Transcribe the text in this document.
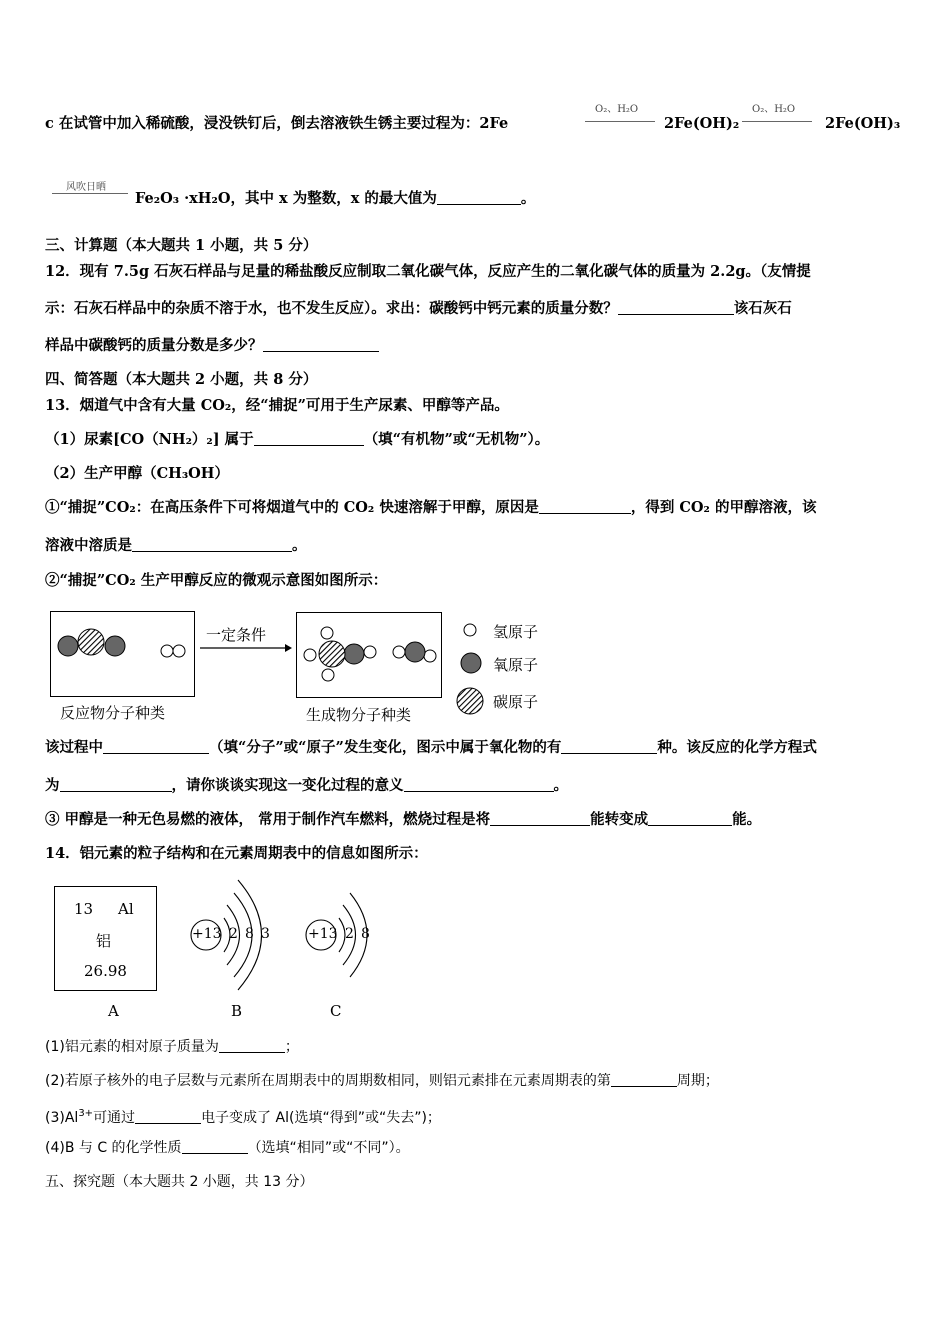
c 在试管中加入稀硫酸，浸没铁钉后，倒去溶液铁生锈主要过程为：2Fe
O₂、H₂O
2Fe(OH)₂
O₂、H₂O
2Fe(OH)₃
风吹日晒
Fe₂O₃ ·xH₂O，其中 x 为整数，x 的最大值为	。
三、计算题（本大题共 1 小题，共 5 分）
12．现有 7.5g 石灰石样品与足量的稀盐酸反应制取二氧化碳气体，反应产生的二氧化碳气体的质量为 2.2g。（友情提
示：石灰石样品中的杂质不溶于水，也不发生反应）。求出：碳酸钙中钙元素的质量分数？	该石灰石
样品中碳酸钙的质量分数是多少？
四、简答题（本大题共 2 小题，共 8 分）
13．烟道气中含有大量 CO₂，经“捕捉”可用于生产尿素、甲醇等产品。
（1）尿素[CO（NH₂）₂] 属于	（填“有机物”或“无机物”）。
（2）生产甲醇（CH₃OH）
①“捕捉”CO₂：在高压条件下可将烟道气中的 CO₂ 快速溶解于甲醇，原因是	，得到 CO₂ 的甲醇溶液，该
溶液中溶质是	。
②“捕捉”CO₂ 生产甲醇反应的微观示意图如图所示：
一定条件
反应物分子种类	生成物分子种类
氢原子
氧原子
碳原子
该过程中	（填“分子”或“原子”发生变化，图示中属于氧化物的有	种。该反应的化学方程式
为	，请你谈谈实现这一变化过程的意义	。
③ 甲醇是一种无色易燃的液体， 常用于制作汽车燃料，燃烧过程是将	能转变成	能。
14．铝元素的粒子结构和在元素周期表中的信息如图所示：
13 Al
铝
26.98
+13 2 8 3	+13 2 8
A	B	C
(1)铝元素的相对原子质量为	；
(2)若原子核外的电子层数与元素所在周期表中的周期数相同，则铝元素排在元素周期表的第	周期；
$(3)Al^{3+}$可通过	电子变成了 Al(选填“得到”或“失去”)；
(4)B 与 C 的化学性质	（选填“相同”或“不同”）。
五、探究题（本大题共 2 小题，共 13 分）
